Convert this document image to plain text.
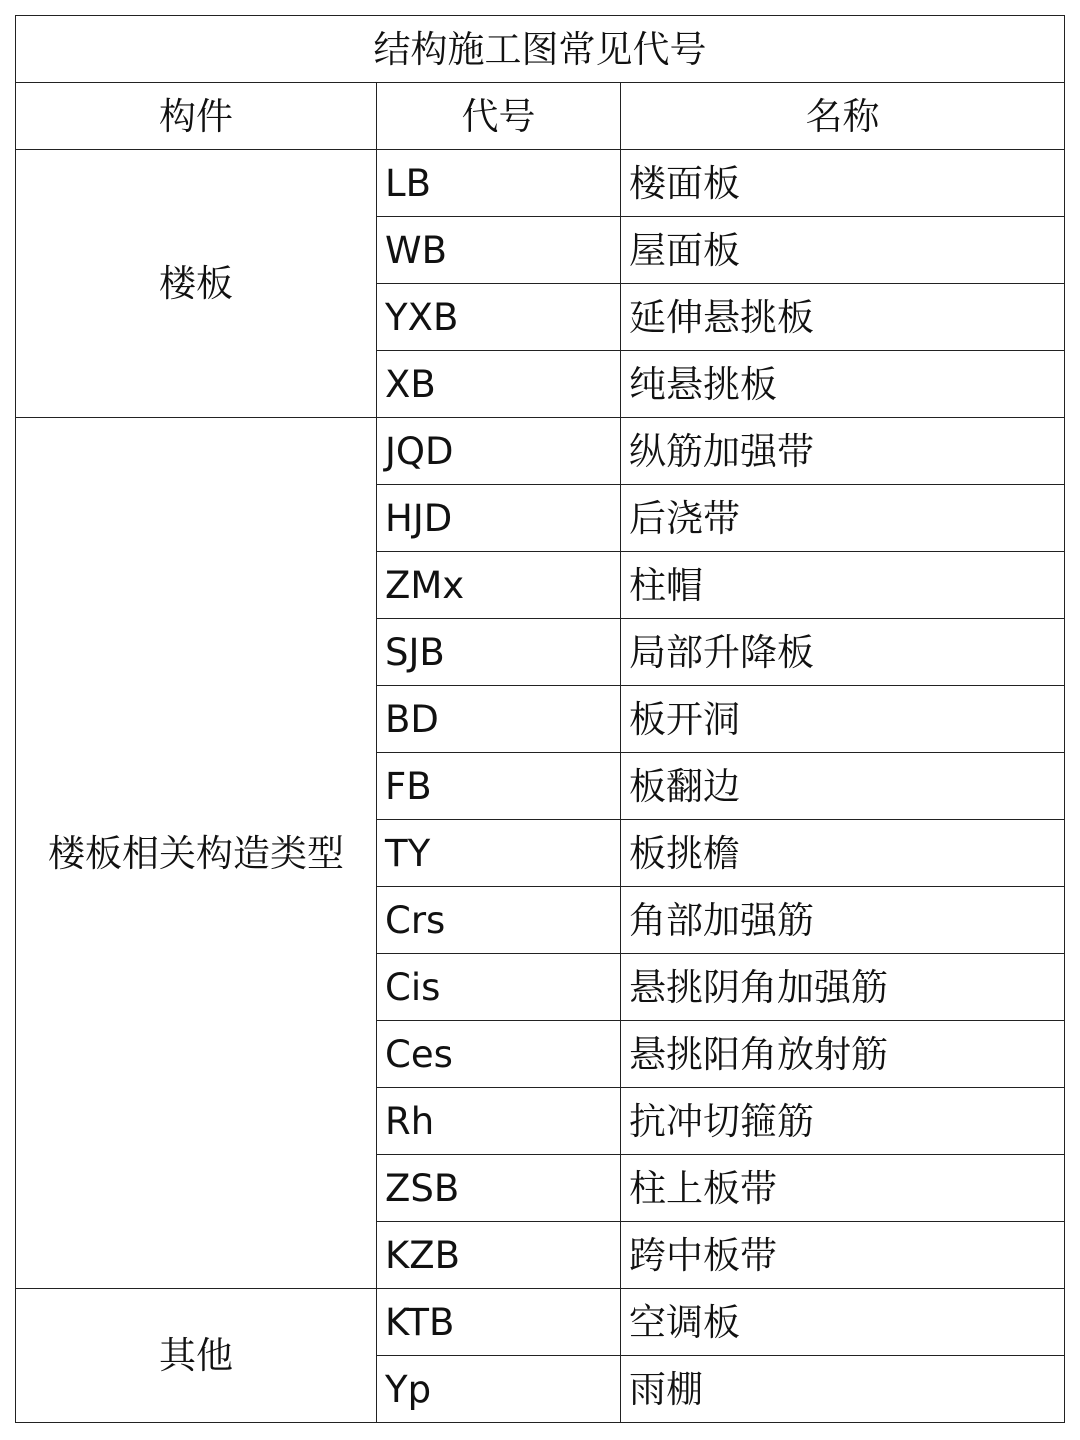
结构施工图常见代号		
构件	代号	名称
楼板	LB	楼面板
	WB	屋面板
	YXB	延伸悬挑板
	XB	纯悬挑板
楼板相关构造类型	JQD	纵筋加强带
	HJD	后浇带
	ZMx	柱帽
	SJB	局部升降板
	BD	板开洞
	FB	板翻边
	TY	板挑檐
	Crs	角部加强筋
	Cis	悬挑阴角加强筋
	Ces	悬挑阳角放射筋
	Rh	抗冲切箍筋
	ZSB	柱上板带
	KZB	跨中板带
其他	KTB	空调板
	Yp	雨棚
